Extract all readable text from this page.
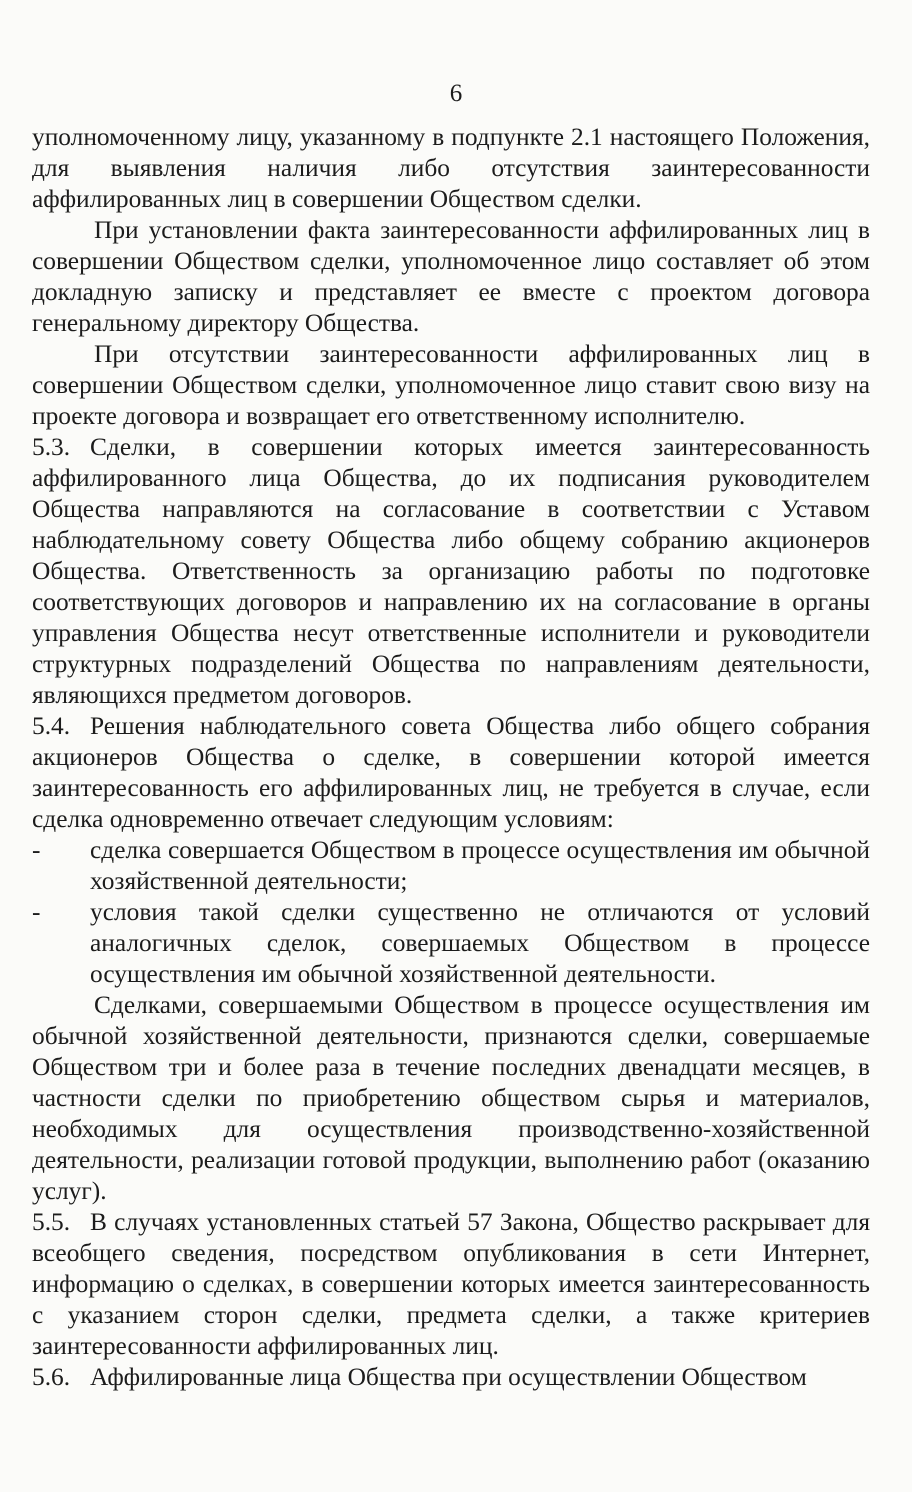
6

уполномоченному лицу, указанному в подпункте 2.1 настоящего Положения, для выявления наличия либо отсутствия заинтересованности аффилированных лиц в совершении Обществом сделки.

При установлении факта заинтересованности аффилированных лиц в совершении Обществом сделки, уполномоченное лицо составляет об этом докладную записку и представляет ее вместе с проектом договора генеральному директору Общества.

При отсутствии заинтересованности аффилированных лиц в совершении Обществом сделки, уполномоченное лицо ставит свою визу на проекте договора и возвращает его ответственному исполнителю.

5.3. Сделки, в совершении которых имеется заинтересованность аффилированного лица Общества, до их подписания руководителем Общества направляются на согласование в соответствии с Уставом наблюдательному совету Общества либо общему собранию акционеров Общества. Ответственность за организацию работы по подготовке соответствующих договоров и направлению их на согласование в органы управления Общества несут ответственные исполнители и руководители структурных подразделений Общества по направлениям деятельности, являющихся предметом договоров.

5.4. Решения наблюдательного совета Общества либо общего собрания акционеров Общества о сделке, в совершении которой имеется заинтересованность его аффилированных лиц, не требуется в случае, если сделка одновременно отвечает следующим условиям:

-	сделка совершается Обществом в процессе осуществления им обычной хозяйственной деятельности;
-	условия такой сделки существенно не отличаются от условий аналогичных сделок, совершаемых Обществом в процессе осуществления им обычной хозяйственной деятельности.

Сделками, совершаемыми Обществом в процессе осуществления им обычной хозяйственной деятельности, признаются сделки, совершаемые Обществом три и более раза в течение последних двенадцати месяцев, в частности сделки по приобретению обществом сырья и материалов, необходимых для осуществления производственно-хозяйственной деятельности, реализации готовой продукции, выполнению работ (оказанию услуг).

5.5. В случаях установленных статьей 57 Закона, Общество раскрывает для всеобщего сведения, посредством опубликования в сети Интернет, информацию о сделках, в совершении которых имеется заинтересованность с указанием сторон сделки, предмета сделки, а также критериев заинтересованности аффилированных лиц.

5.6. Аффилированные лица Общества при осуществлении Обществом
